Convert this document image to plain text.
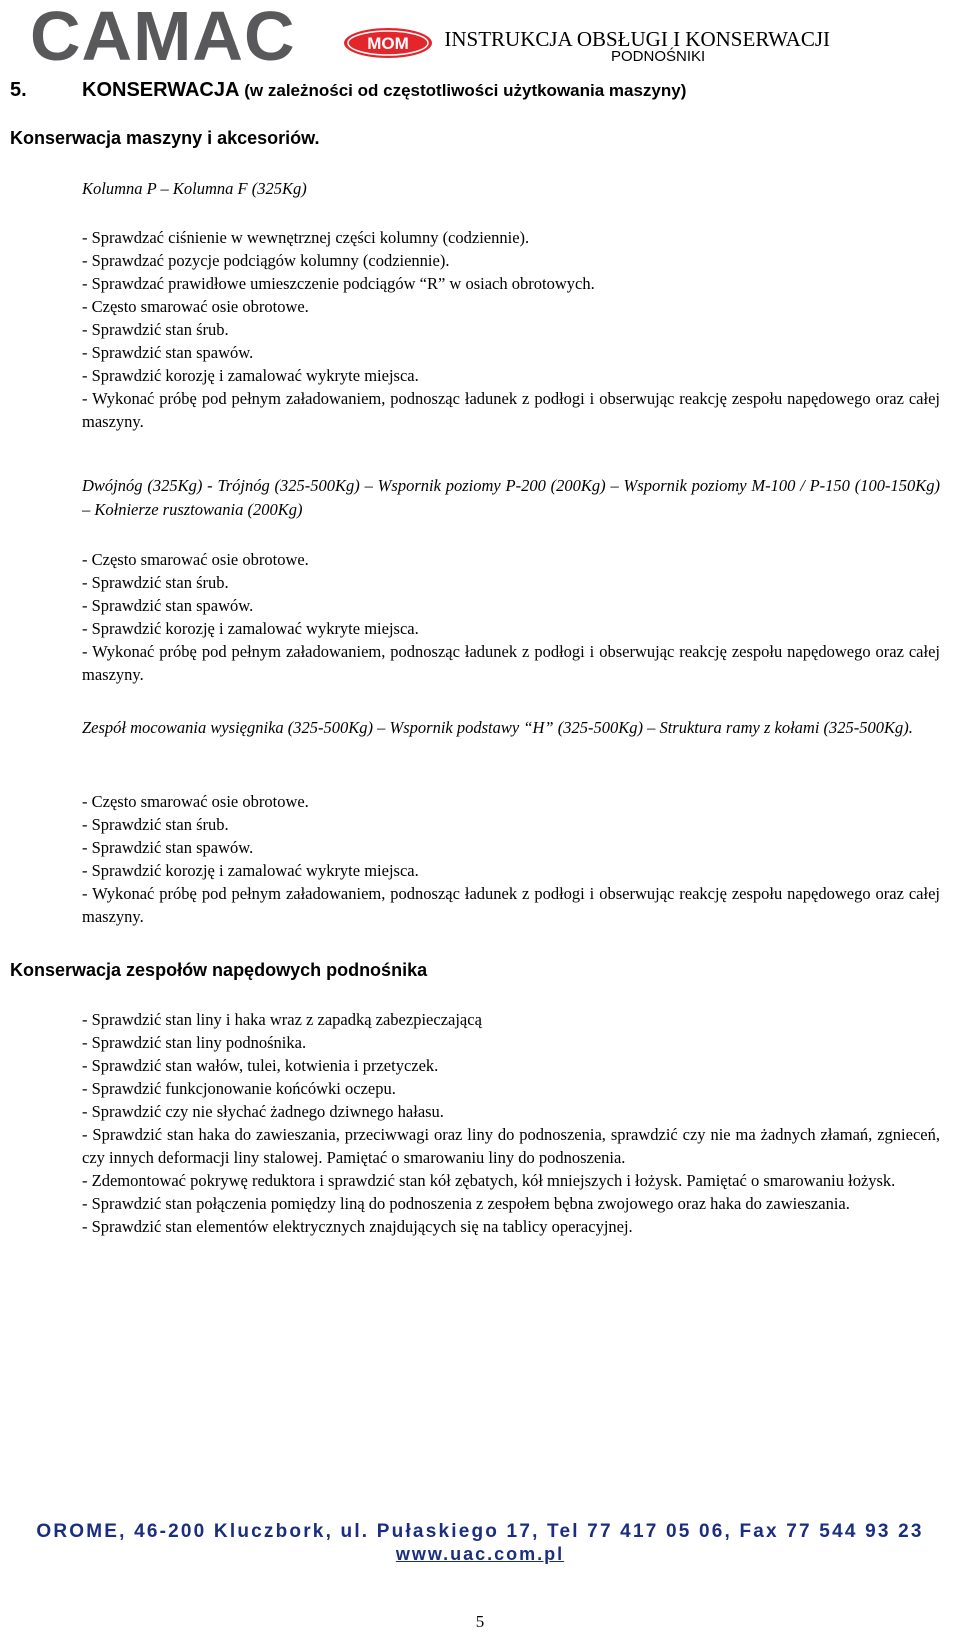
CAMAC	MOM INSTRUKCJA OBSŁUGI I KONSERWACJI
PODNOŚNIKI
5.	KONSERWACJA (w zależności od częstotliwości użytkowania maszyny)
Konserwacja maszyny i akcesoriów.
Kolumna P – Kolumna F (325Kg)
- Sprawdzać ciśnienie w wewnętrznej części kolumny (codziennie).
- Sprawdzać pozycje podciągów kolumny (codziennie).
- Sprawdzać prawidłowe umieszczenie podciągów “R” w osiach obrotowych.
- Często smarować osie obrotowe.
- Sprawdzić stan śrub.
- Sprawdzić stan spawów.
- Sprawdzić korozję i zamalować wykryte miejsca.
- Wykonać próbę pod pełnym załadowaniem, podnosząc ładunek z podłogi i obserwując reakcję zespołu napędowego oraz całej maszyny.
Dwójnóg (325Kg) - Trójnóg (325-500Kg) – Wspornik poziomy P-200 (200Kg) – Wspornik poziomy M-100 / P-150 (100-150Kg) – Kołnierze rusztowania (200Kg)
- Często smarować osie obrotowe.
- Sprawdzić stan śrub.
- Sprawdzić stan spawów.
- Sprawdzić korozję i zamalować wykryte miejsca.
- Wykonać próbę pod pełnym załadowaniem, podnosząc ładunek z podłogi i obserwując reakcję zespołu napędowego oraz całej maszyny.
Zespół mocowania wysięgnika (325-500Kg) – Wspornik podstawy “H” (325-500Kg) – Struktura ramy z kołami (325-500Kg).
- Często smarować osie obrotowe.
- Sprawdzić stan śrub.
- Sprawdzić stan spawów.
- Sprawdzić korozję i zamalować wykryte miejsca.
- Wykonać próbę pod pełnym załadowaniem, podnosząc ładunek z podłogi i obserwując reakcję zespołu napędowego oraz całej maszyny.
Konserwacja zespołów napędowych podnośnika
- Sprawdzić stan liny i haka wraz z zapadką zabezpieczającą
- Sprawdzić stan liny podnośnika.
- Sprawdzić stan wałów, tulei, kotwienia i przetyczek.
- Sprawdzić funkcjonowanie końcówki oczepu.
- Sprawdzić czy nie słychać żadnego dziwnego hałasu.
- Sprawdzić stan haka do zawieszania, przeciwwagi oraz liny do podnoszenia, sprawdzić czy nie ma żadnych złamań, zgnieceń, czy innych deformacji liny stalowej. Pamiętać o smarowaniu liny do podnoszenia.
- Zdemontować pokrywę reduktora i sprawdzić stan kół zębatych, kół mniejszych i łożysk. Pamiętać o smarowaniu łożysk.
- Sprawdzić stan połączenia pomiędzy liną do podnoszenia z zespołem bębna zwojowego oraz haka do zawieszania.
- Sprawdzić stan elementów elektrycznych znajdujących się na tablicy operacyjnej.
OROME, 46-200 Kluczbork, ul. Pułaskiego 17, Tel 77 417 05 06, Fax 77 544 93 23
www.uac.com.pl
5
